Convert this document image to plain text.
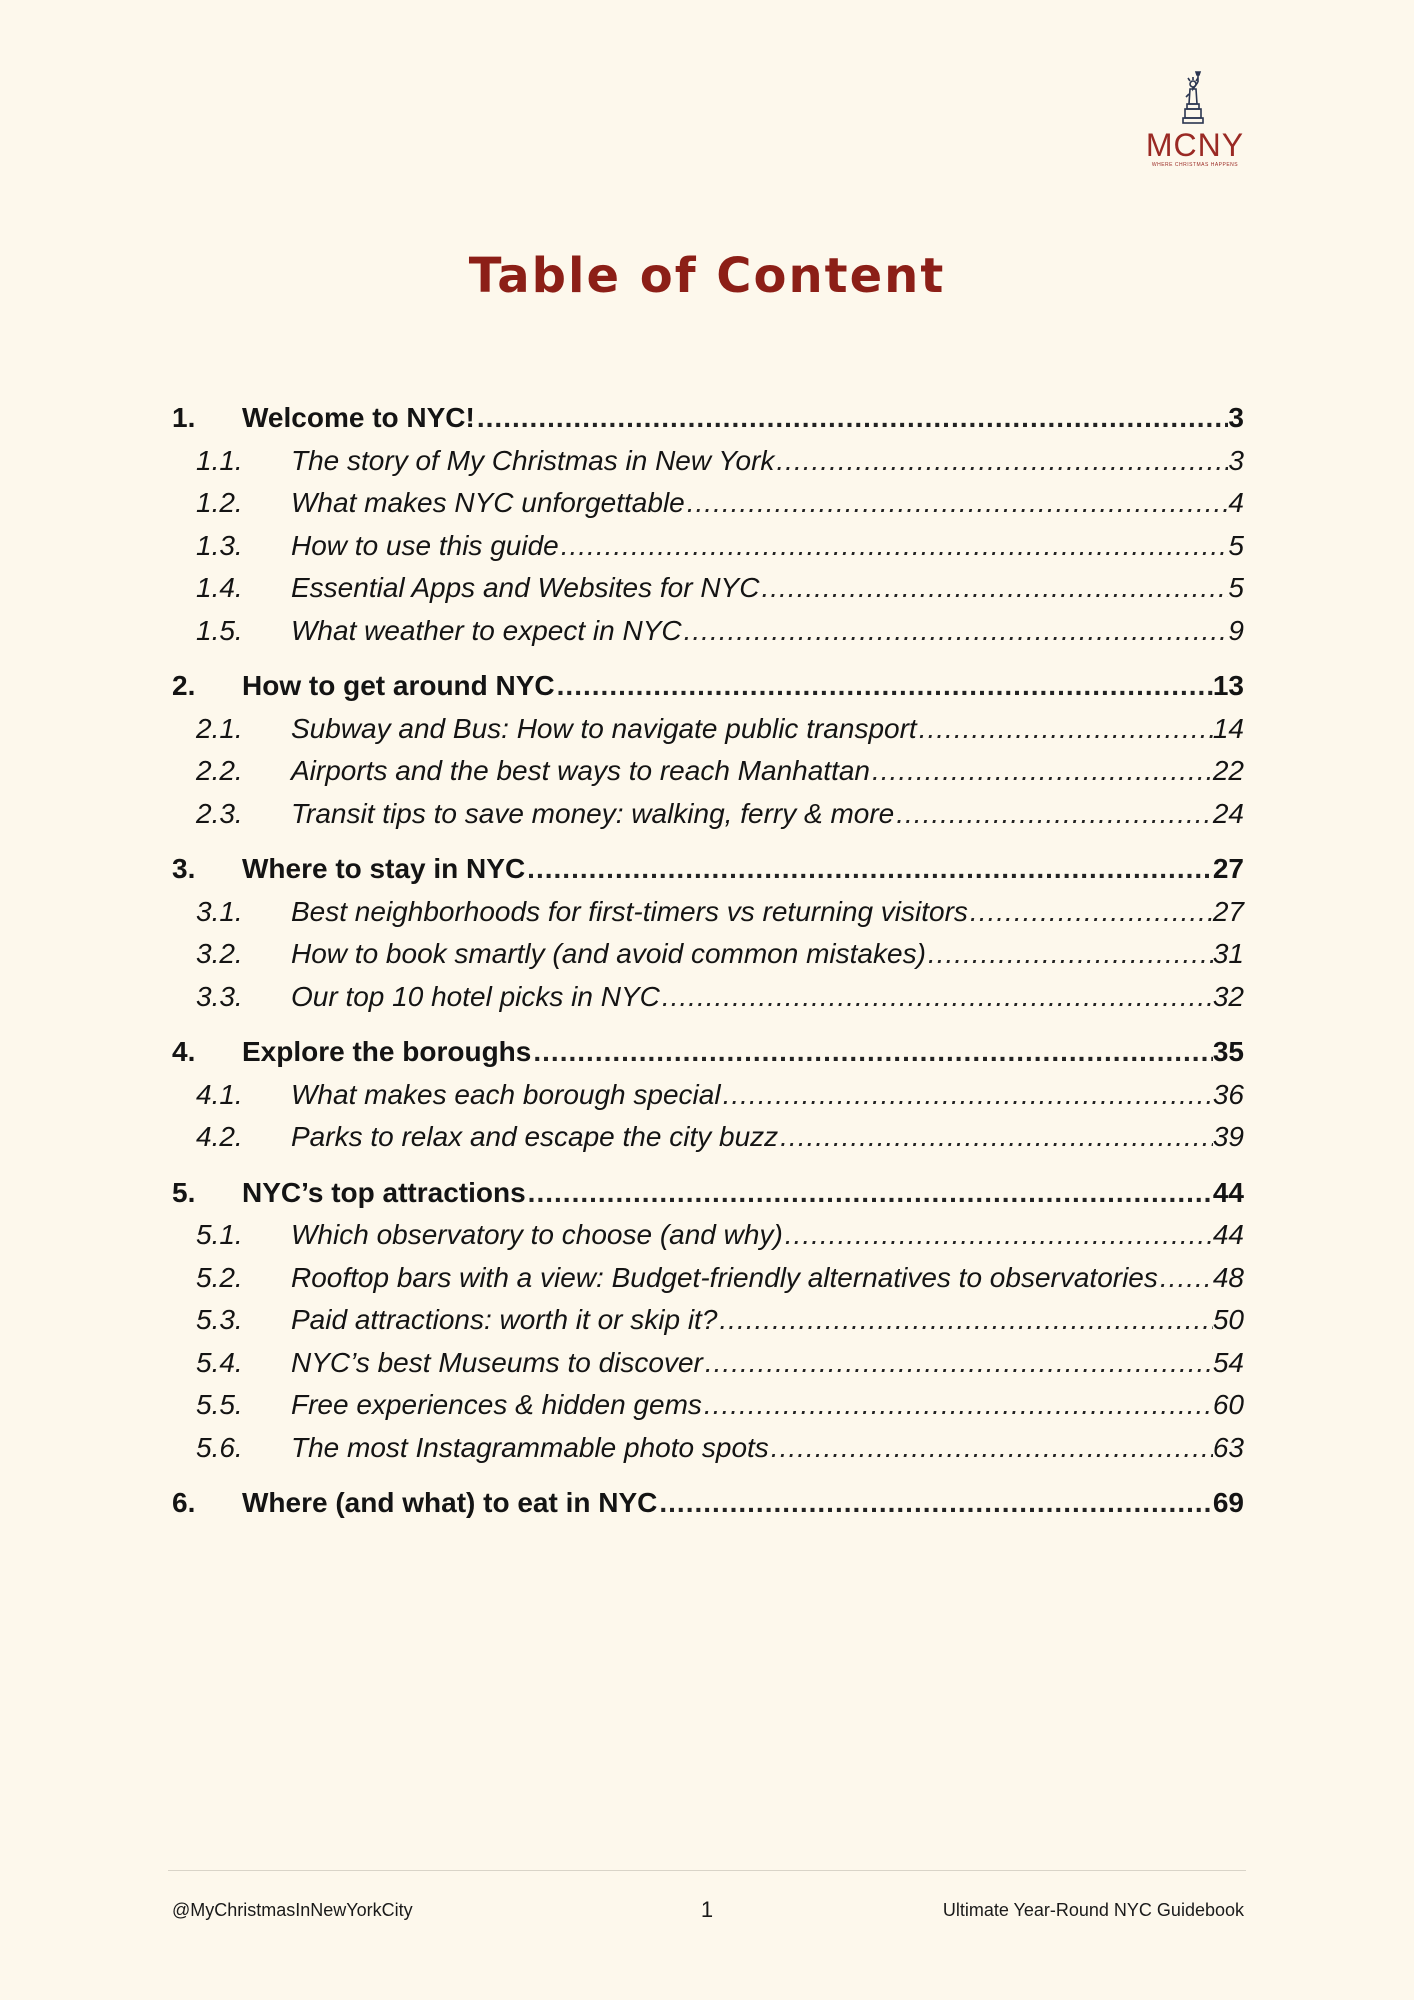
MCNY
WHERE CHRISTMAS HAPPENS
Table of Content
1.	Welcome to NYC! .....	3
1.1.	The story of My Christmas in New York .....	3
1.2.	What makes NYC unforgettable .....	4
1.3.	How to use this guide .....	5
1.4.	Essential Apps and Websites for NYC .....	5
1.5.	What weather to expect in NYC .....	9
2.	How to get around NYC .....	13
2.1.	Subway and Bus: How to navigate public transport .....	14
2.2.	Airports and the best ways to reach Manhattan .....	22
2.3.	Transit tips to save money: walking, ferry & more .....	24
3.	Where to stay in NYC .....	27
3.1.	Best neighborhoods for first-timers vs returning visitors .....	27
3.2.	How to book smartly (and avoid common mistakes) .....	31
3.3.	Our top 10 hotel picks in NYC .....	32
4.	Explore the boroughs .....	35
4.1.	What makes each borough special .....	36
4.2.	Parks to relax and escape the city buzz .....	39
5.	NYC’s top attractions .....	44
5.1.	Which observatory to choose (and why) .....	44
5.2.	Rooftop bars with a view: Budget-friendly alternatives to observatories ..... 48
5.3.	Paid attractions: worth it or skip it? .....	50
5.4.	NYC’s best Museums to discover .....	54
5.5.	Free experiences & hidden gems .....	60
5.6.	The most Instagrammable photo spots .....	63
6.	Where (and what) to eat in NYC .....	69
@MyChristmasInNewYorkCity	1	Ultimate Year-Round NYC Guidebook
